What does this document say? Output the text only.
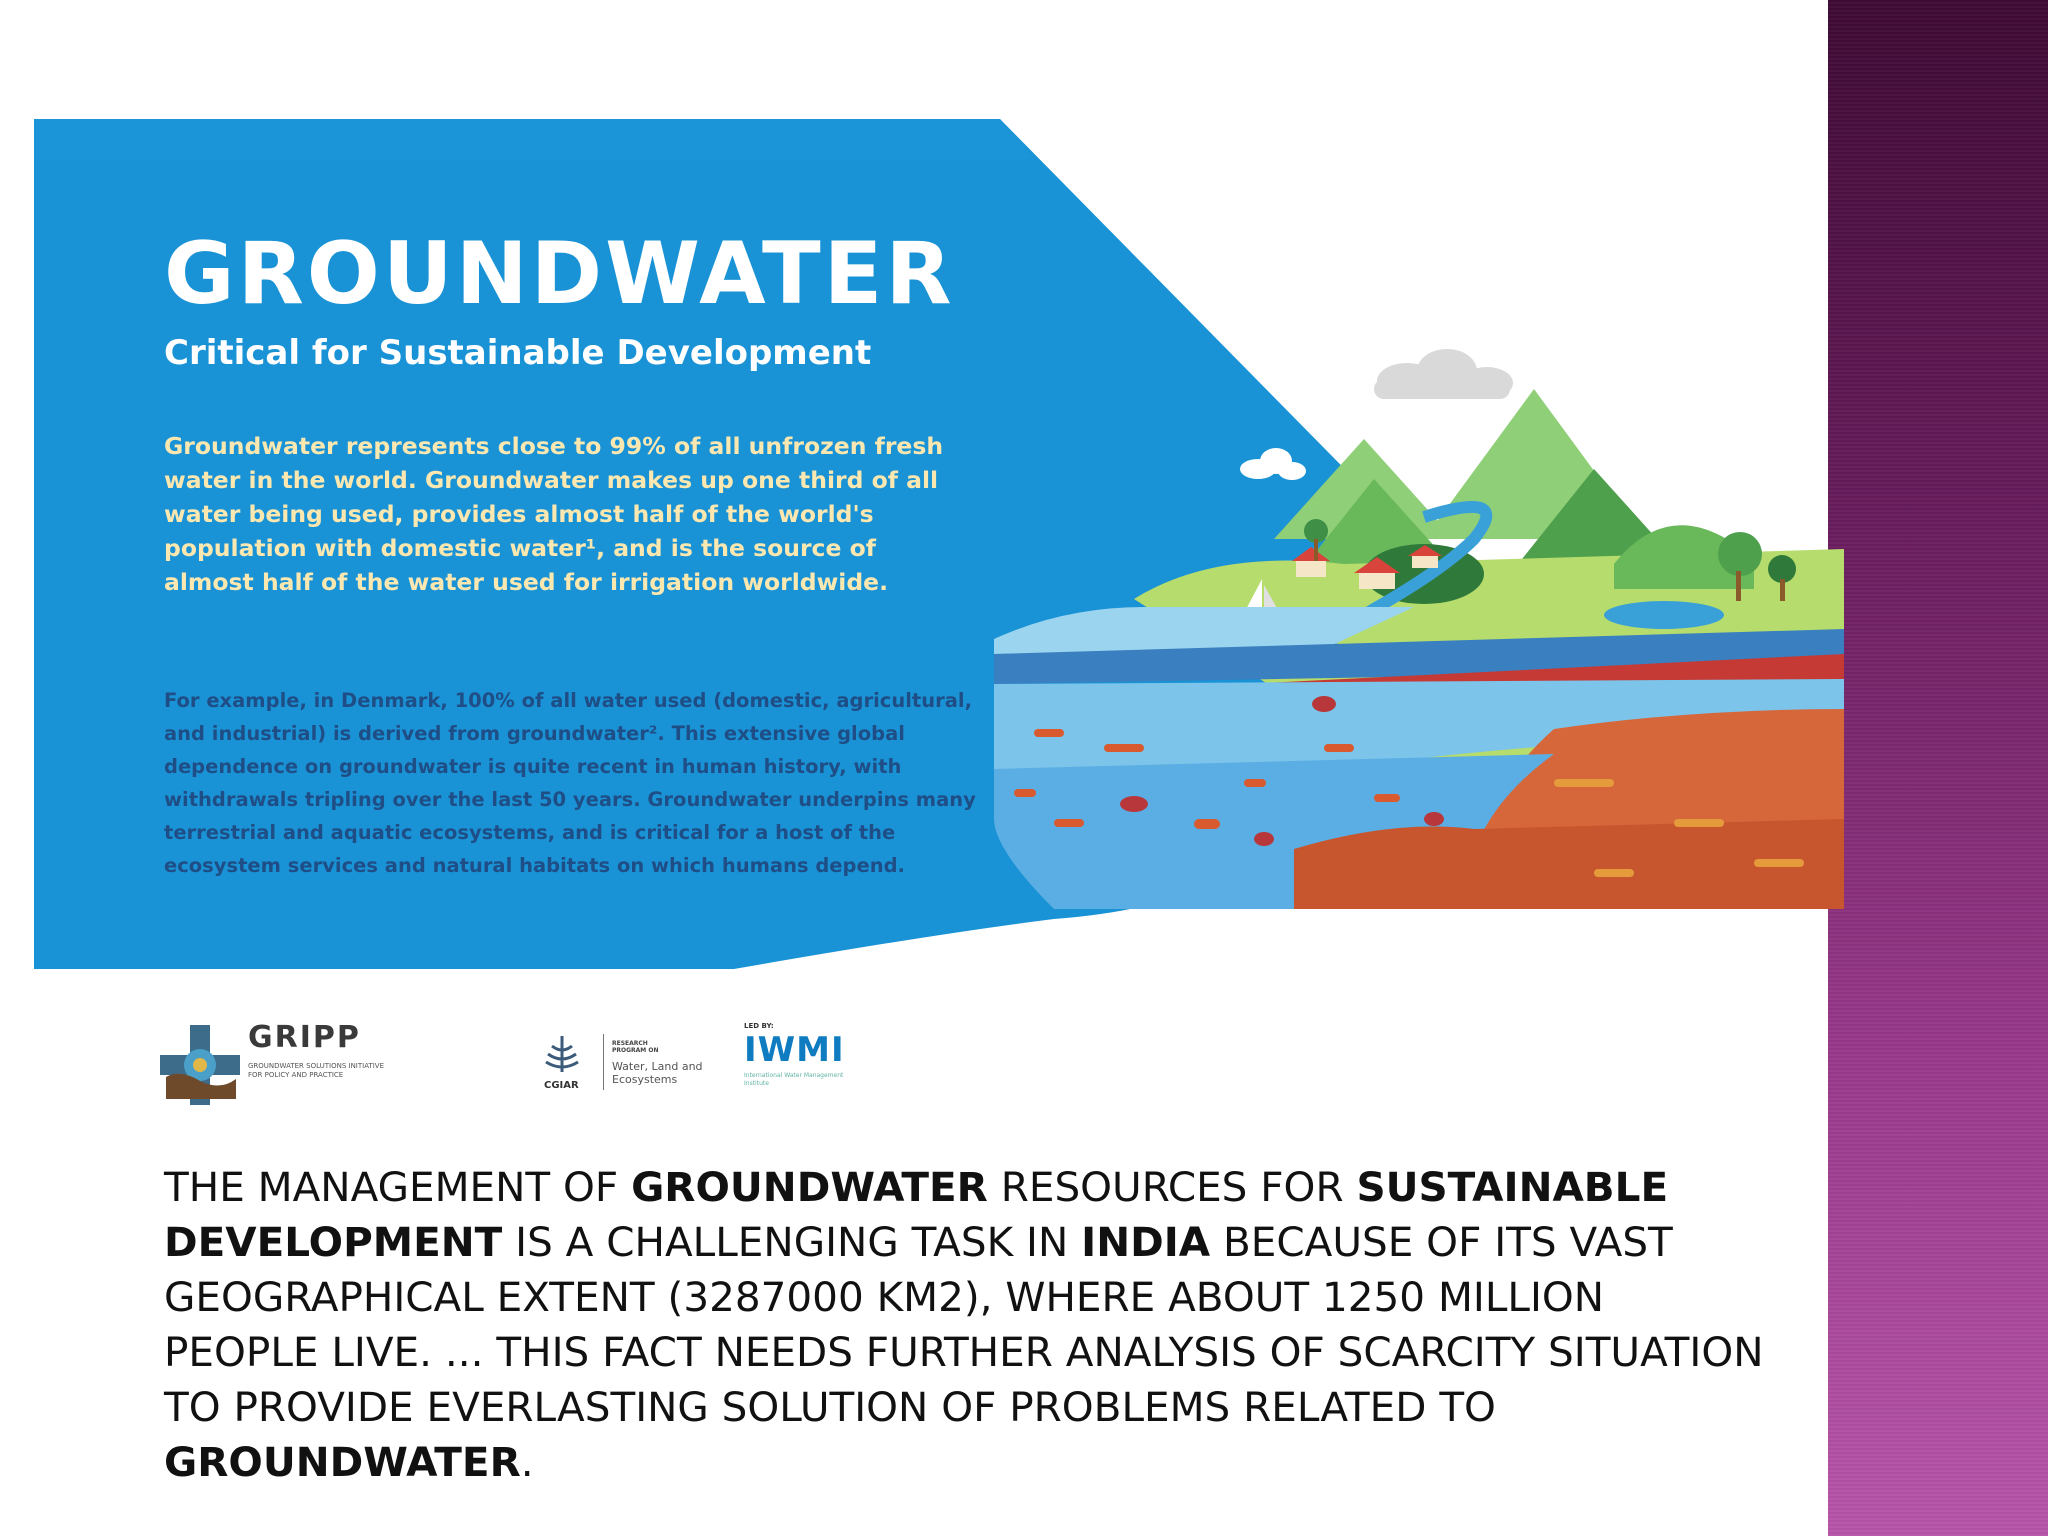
GROUNDWATER
Critical for Sustainable Development

Groundwater represents close to 99% of all unfrozen fresh water in the world. Groundwater makes up one third of all water being used, provides almost half of the world's population with domestic water¹, and is the source of almost half of the water used for irrigation worldwide.

For example, in Denmark, 100% of all water used (domestic, agricultural, and industrial) is derived from groundwater². This extensive global dependence on groundwater is quite recent in human history, with withdrawals tripling over the last 50 years. Groundwater underpins many terrestrial and aquatic ecosystems, and is critical for a host of the ecosystem services and natural habitats on which humans depend.

GRIPP
GROUNDWATER SOLUTIONS INITIATIVE FOR POLICY AND PRACTICE
CGIAR
RESEARCH PROGRAM ON
Water, Land and Ecosystems
LED BY:
IWMI
International Water Management Institute

THE MANAGEMENT OF GROUNDWATER RESOURCES FOR SUSTAINABLE DEVELOPMENT IS A CHALLENGING TASK IN INDIA BECAUSE OF ITS VAST GEOGRAPHICAL EXTENT (3287000 KM2), WHERE ABOUT 1250 MILLION PEOPLE LIVE. ... THIS FACT NEEDS FURTHER ANALYSIS OF SCARCITY SITUATION TO PROVIDE EVERLASTING SOLUTION OF PROBLEMS RELATED TO GROUNDWATER.
